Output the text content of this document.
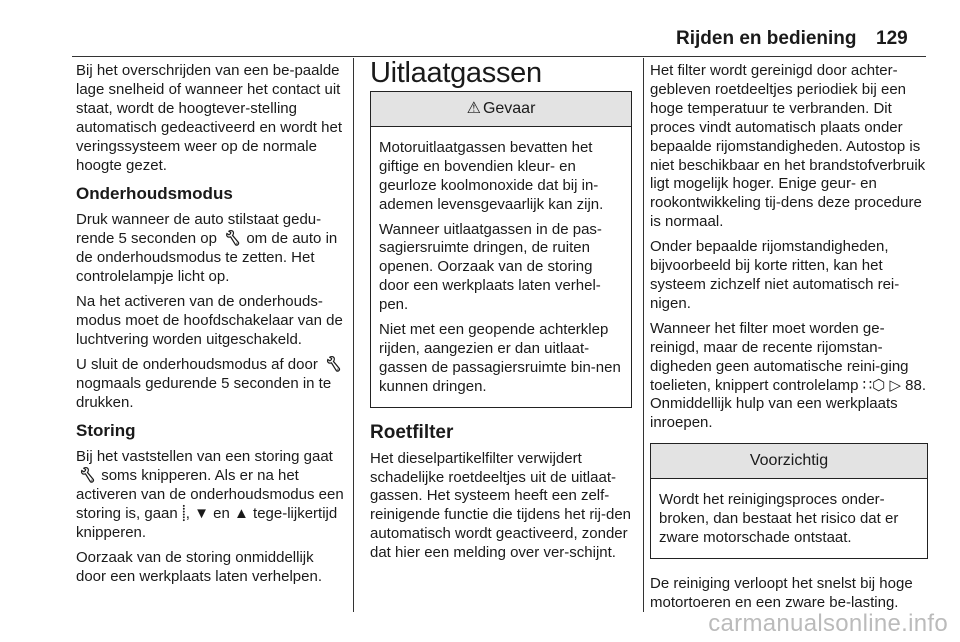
Rijden en bediening 129

Bij het overschrijden van een be-paalde lage snelheid of wanneer het contact uit staat, wordt de hoogtever-stelling automatisch gedeactiveerd en wordt het veringssysteem weer op de normale hoogte gezet.

Onderhoudsmodus

Druk wanneer de auto stilstaat gedu-rende 5 seconden op 🔧︎ om de auto in de onderhoudsmodus te zetten. Het controlelampje licht op.

Na het activeren van de onderhouds-modus moet de hoofdschakelaar van de luchtvering worden uitgeschakeld.

U sluit de onderhoudsmodus af door 🔧︎ nogmaals gedurende 5 seconden in te drukken.

Storing

Bij het vaststellen van een storing gaat 🔧︎ soms knipperen. Als er na het activeren van de onderhoudsmodus een storing is, gaan ⸽, ▼ en ▲ tege-lijkertijd knipperen.

Oorzaak van de storing onmiddellijk door een werkplaats laten verhelpen.

Uitlaatgassen
⚠︎ Gevaar

Motoruitlaatgassen bevatten het giftige en bovendien kleur- en geurloze koolmonoxide dat bij in-ademen levensgevaarlijk kan zijn.

Wanneer uitlaatgassen in de pas-sagiersruimte dringen, de ruiten openen. Oorzaak van de storing door een werkplaats laten verhel-pen.

Niet met een geopende achterklep rijden, aangezien er dan uitlaat-gassen de passagiersruimte bin-nen kunnen dringen.

Roetfilter

Het dieselpartikelfilter verwijdert schadelijke roetdeeltjes uit de uitlaat-gassen. Het systeem heeft een zelf-reinigende functie die tijdens het rij-den automatisch wordt geactiveerd, zonder dat hier een melding over ver-schijnt.

Het filter wordt gereinigd door achter-gebleven roetdeeltjes periodiek bij een hoge temperatuur te verbranden. Dit proces vindt automatisch plaats onder bepaalde rijomstandigheden. Autostop is niet beschikbaar en het brandstofverbruik ligt mogelijk hoger. Enige geur- en rookontwikkeling tij-dens deze procedure is normaal.

Onder bepaalde rijomstandigheden, bijvoorbeeld bij korte ritten, kan het systeem zichzelf niet automatisch rei-nigen.

Wanneer het filter moet worden ge-reinigd, maar de recente rijomstan-digheden geen automatische reini-ging toelieten, knippert controlelamp ∷⬡ ▷ 88. Onmiddellijk hulp van een werkplaats inroepen.

Voorzichtig

Wordt het reinigingsproces onder-broken, dan bestaat het risico dat er zware motorschade ontstaat.

De reiniging verloopt het snelst bij hoge motortoeren en een zware be-lasting.

carmanualsonline.info
